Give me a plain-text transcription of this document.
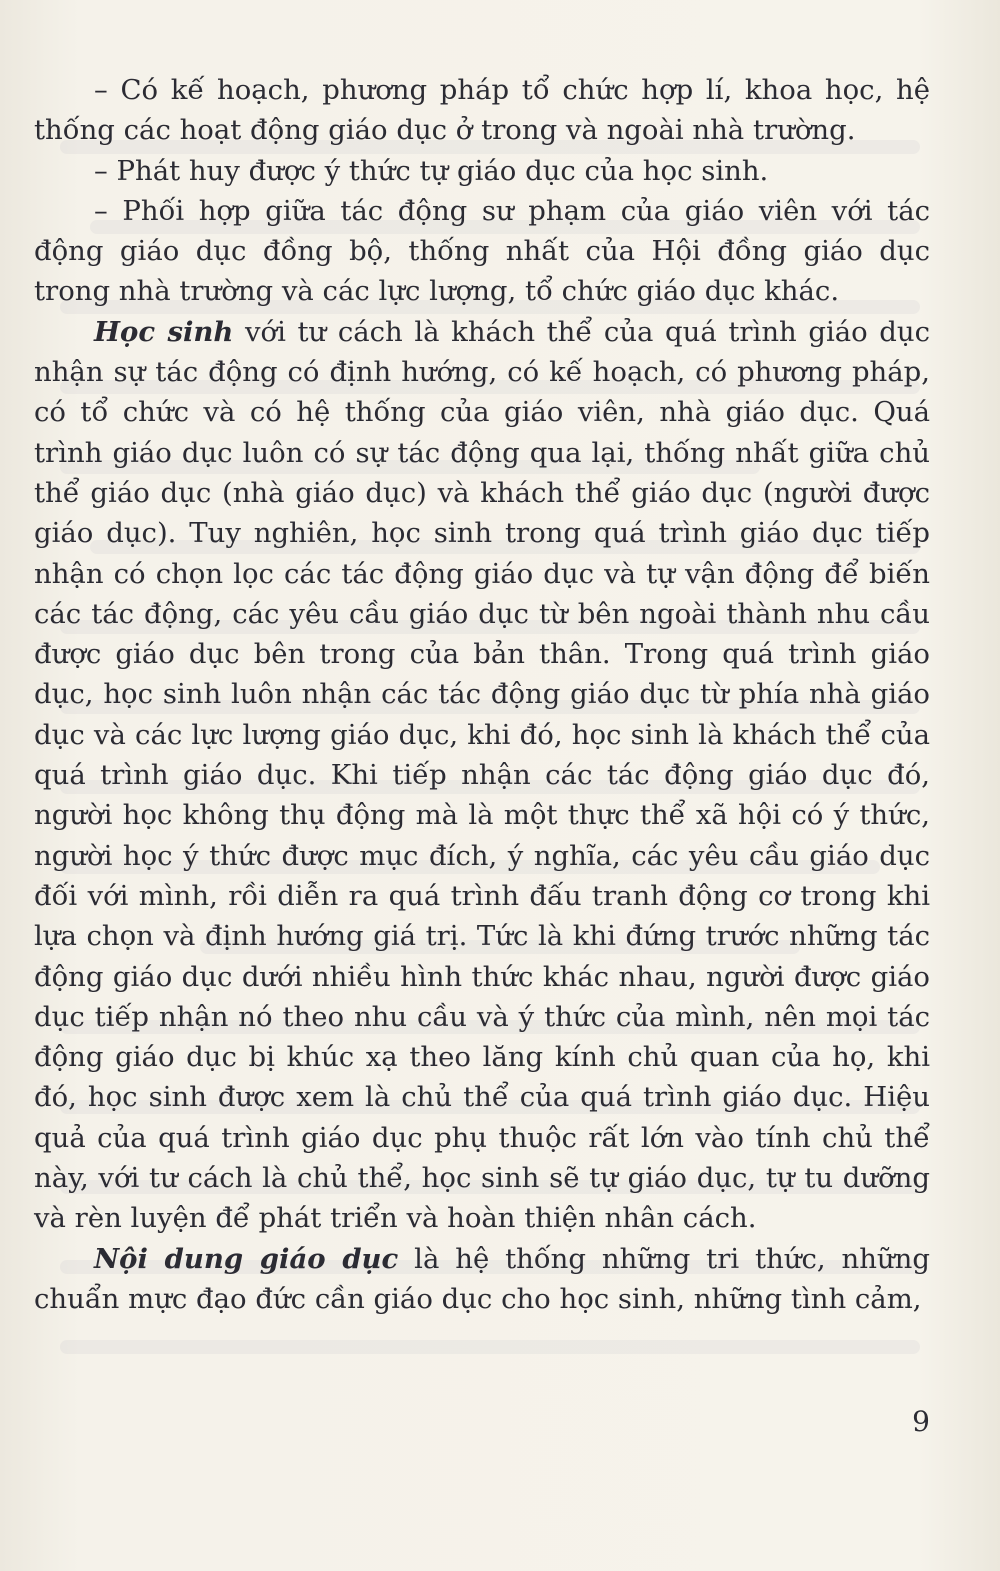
– Có kế hoạch, phương pháp tổ chức hợp lí, khoa học, hệ thống các hoạt động giáo dục ở trong và ngoài nhà trường.

– Phát huy được ý thức tự giáo dục của học sinh.

– Phối hợp giữa tác động sư phạm của giáo viên với tác động giáo dục đồng bộ, thống nhất của Hội đồng giáo dục trong nhà trường và các lực lượng, tổ chức giáo dục khác.

Học sinh với tư cách là khách thể của quá trình giáo dục nhận sự tác động có định hướng, có kế hoạch, có phương pháp, có tổ chức và có hệ thống của giáo viên, nhà giáo dục. Quá trình giáo dục luôn có sự tác động qua lại, thống nhất giữa chủ thể giáo dục (nhà giáo dục) và khách thể giáo dục (người được giáo dục). Tuy nghiên, học sinh trong quá trình giáo dục tiếp nhận có chọn lọc các tác động giáo dục và tự vận động để biến các tác động, các yêu cầu giáo dục từ bên ngoài thành nhu cầu được giáo dục bên trong của bản thân. Trong quá trình giáo dục, học sinh luôn nhận các tác động giáo dục từ phía nhà giáo dục và các lực lượng giáo dục, khi đó, học sinh là khách thể của quá trình giáo dục. Khi tiếp nhận các tác động giáo dục đó, người học không thụ động mà là một thực thể xã hội có ý thức, người học ý thức được mục đích, ý nghĩa, các yêu cầu giáo dục đối với mình, rồi diễn ra quá trình đấu tranh động cơ trong khi lựa chọn và định hướng giá trị. Tức là khi đứng trước những tác động giáo dục dưới nhiều hình thức khác nhau, người được giáo dục tiếp nhận nó theo nhu cầu và ý thức của mình, nên mọi tác động giáo dục bị khúc xạ theo lăng kính chủ quan của họ, khi đó, học sinh được xem là chủ thể của quá trình giáo dục. Hiệu quả của quá trình giáo dục phụ thuộc rất lớn vào tính chủ thể này, với tư cách là chủ thể, học sinh sẽ tự giáo dục, tự tu dưỡng và rèn luyện để phát triển và hoàn thiện nhân cách.

Nội dung giáo dục là hệ thống những tri thức, những chuẩn mực đạo đức cần giáo dục cho học sinh, những tình cảm,

9
